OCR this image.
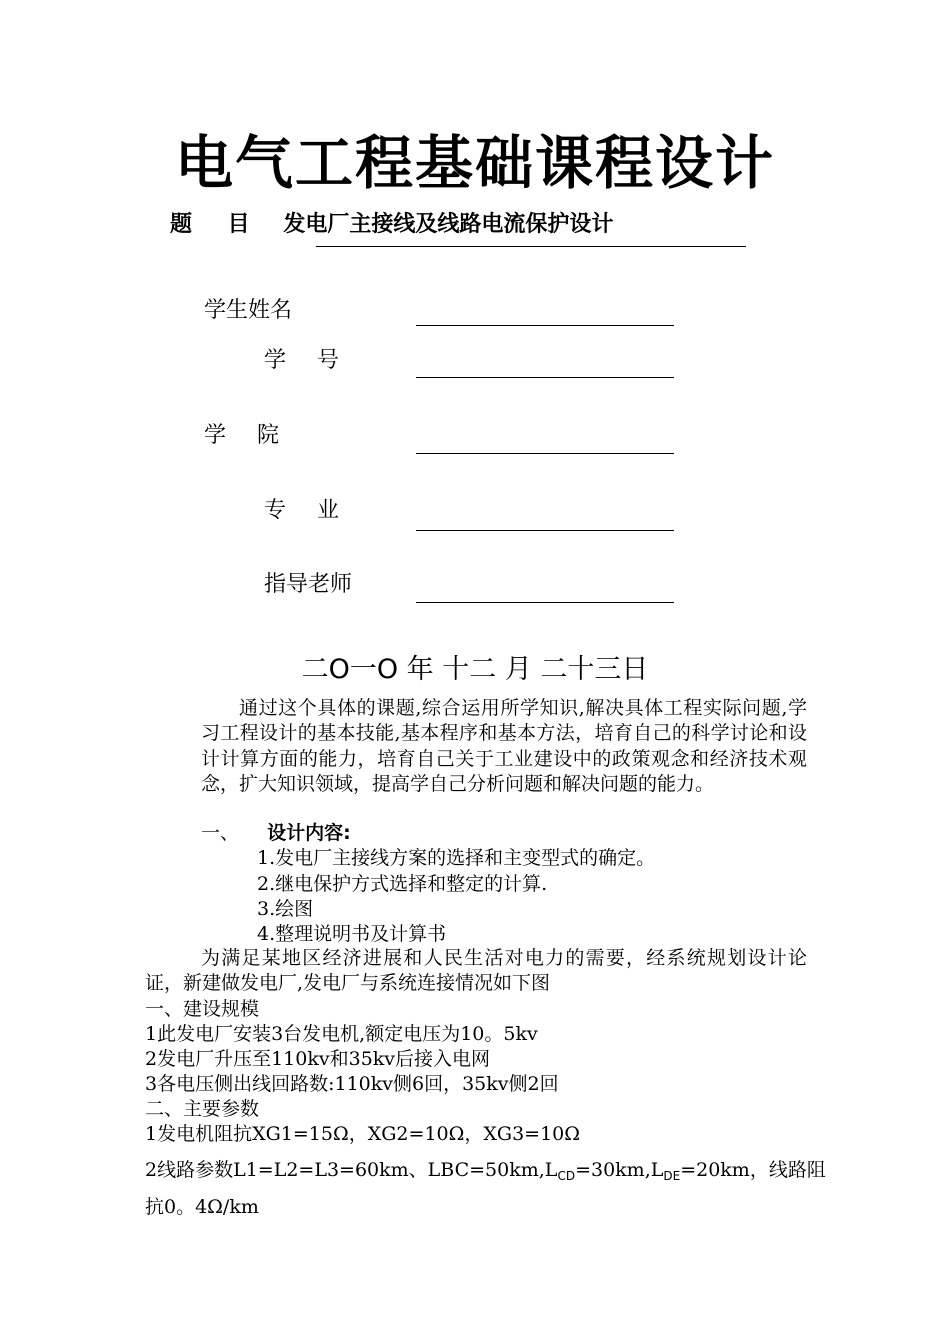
电气工程基础课程设计
题 目 发电厂主接线及线路电流保护设计
学生姓名
学 号
学 院
专 业
指导老师
二O一O 年 十二 月 二十三日
通过这个具体的课题,综合运用所学知识,解决具体工程实际问题,学习工程设计的基本技能,基本程序和基本方法，培育自己的科学讨论和设计计算方面的能力，培育自己关于工业建设中的政策观念和经济技术观念，扩大知识领域，提高学自己分析问题和解决问题的能力。
一、 设计内容:
1.发电厂主接线方案的选择和主变型式的确定。
2.继电保护方式选择和整定的计算.
3.绘图
4.整理说明书及计算书
为满足某地区经济进展和人民生活对电力的需要，经系统规划设计论证，新建做发电厂,发电厂与系统连接情况如下图
一、建设规模
1此发电厂安装3台发电机,额定电压为10。5kv
2发电厂升压至110kv和35kv后接入电网
3各电压侧出线回路数:110kv侧6回，35kv侧2回
二、主要参数
1发电机阻抗XG1=15Ω，XG2=10Ω，XG3=10Ω
2线路参数L1=L2=L3=60km、$LBC=50km,L_{CD}=30km,L_{DE}=20km$，线路阻
抗0。4Ω/km
